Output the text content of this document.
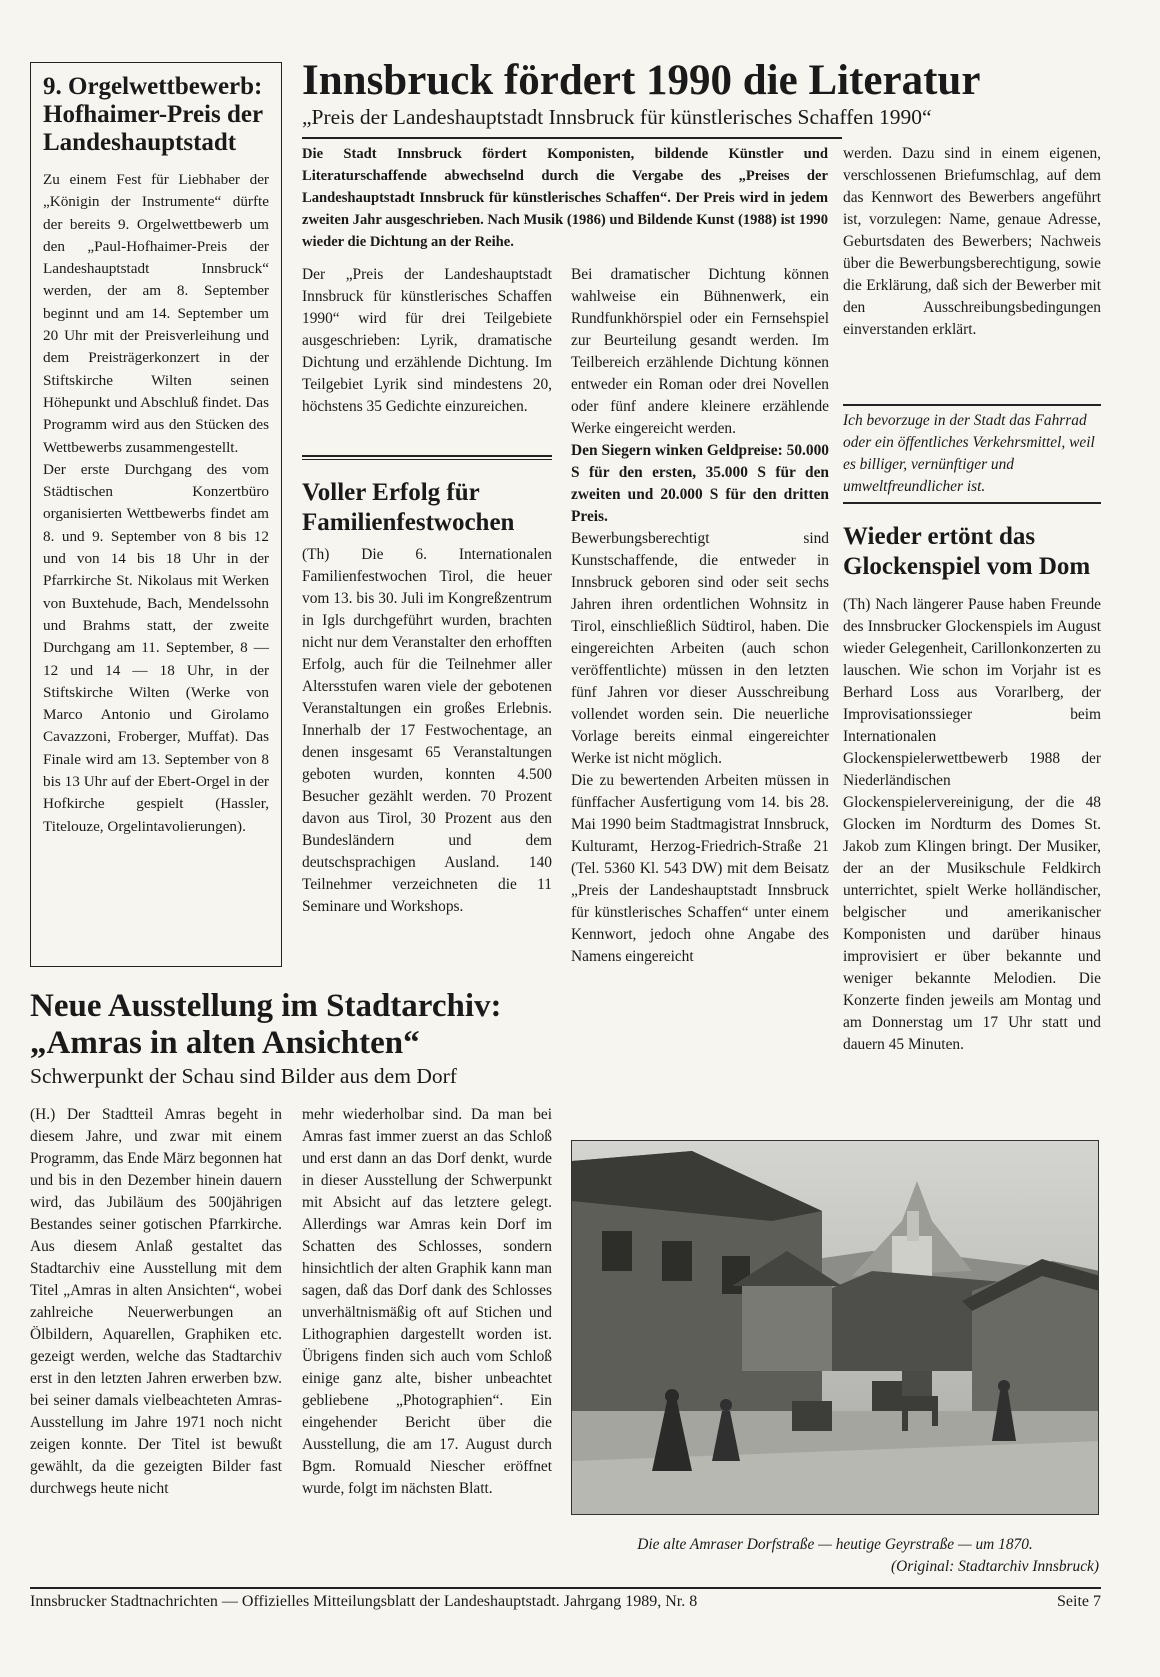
9. Orgelwettbewerb: Hofhaimer-Preis der Landeshauptstadt

Zu einem Fest für Liebhaber der „Königin der Instrumente“ dürfte der bereits 9. Orgelwettbewerb um den „Paul-Hofhaimer-Preis der Landeshauptstadt Innsbruck“ werden, der am 8. September beginnt und am 14. September um 20 Uhr mit der Preisverleihung und dem Preisträgerkonzert in der Stiftskirche Wilten seinen Höhepunkt und Abschluß findet. Das Programm wird aus den Stücken des Wettbewerbs zusammengestellt.

Der erste Durchgang des vom Städtischen Konzertbüro organisierten Wettbewerbs findet am 8. und 9. September von 8 bis 12 und von 14 bis 18 Uhr in der Pfarrkirche St. Nikolaus mit Werken von Buxtehude, Bach, Mendelssohn und Brahms statt, der zweite Durchgang am 11. September, 8 — 12 und 14 — 18 Uhr, in der Stiftskirche Wilten (Werke von Marco Antonio und Girolamo Cavazzoni, Froberger, Muffat). Das Finale wird am 13. September von 8 bis 13 Uhr auf der Ebert-Orgel in der Hofkirche gespielt (Hassler, Titelouze, Orgelintavolierungen).

Innsbruck fördert 1990 die Literatur
„Preis der Landeshauptstadt Innsbruck für künstlerisches Schaffen 1990“

Die Stadt Innsbruck fördert Komponisten, bildende Künstler und Literaturschaffende abwechselnd durch die Vergabe des „Preises der Landeshauptstadt Innsbruck für künstlerisches Schaffen“. Der Preis wird in jedem zweiten Jahr ausgeschrieben. Nach Musik (1986) und Bildende Kunst (1988) ist 1990 wieder die Dichtung an der Reihe.

Der „Preis der Landeshauptstadt Innsbruck für künstlerisches Schaffen 1990“ wird für drei Teilgebiete ausgeschrieben: Lyrik, dramatische Dichtung und erzählende Dichtung. Im Teilgebiet Lyrik sind mindestens 20, höchstens 35 Gedichte einzureichen.

Bei dramatischer Dichtung können wahlweise ein Bühnenwerk, ein Rundfunkhörspiel oder ein Fernsehspiel zur Beurteilung gesandt werden. Im Teilbereich erzählende Dichtung können entweder ein Roman oder drei Novellen oder fünf andere kleinere erzählende Werke eingereicht werden.

Den Siegern winken Geldpreise: 50.000 S für den ersten, 35.000 S für den zweiten und 20.000 S für den dritten Preis.

Bewerbungsberechtigt sind Kunstschaffende, die entweder in Innsbruck geboren sind oder seit sechs Jahren ihren ordentlichen Wohnsitz in Tirol, einschließlich Südtirol, haben. Die eingereichten Arbeiten (auch schon veröffentlichte) müssen in den letzten fünf Jahren vor dieser Ausschreibung vollendet worden sein. Die neuerliche Vorlage bereits einmal eingereichter Werke ist nicht möglich.

Die zu bewertenden Arbeiten müssen in fünffacher Ausfertigung vom 14. bis 28. Mai 1990 beim Stadtmagistrat Innsbruck, Kulturamt, Herzog-Friedrich-Straße 21 (Tel. 5360 Kl. 543 DW) mit dem Beisatz „Preis der Landeshauptstadt Innsbruck für künstlerisches Schaffen“ unter einem Kennwort, jedoch ohne Angabe des Namens eingereicht

werden. Dazu sind in einem eigenen, verschlossenen Briefumschlag, auf dem das Kennwort des Bewerbers angeführt ist, vorzulegen: Name, genaue Adresse, Geburtsdaten des Bewerbers; Nachweis über die Bewerbungsberechtigung, sowie die Erklärung, daß sich der Bewerber mit den Ausschreibungsbedingungen einverstanden erklärt.

Ich bevorzuge in der Stadt das Fahrrad oder ein öffentliches Verkehrsmittel, weil es billiger, vernünftiger und umweltfreundlicher ist.

Voller Erfolg für Familienfestwochen

(Th) Die 6. Internationalen Familienfestwochen Tirol, die heuer vom 13. bis 30. Juli im Kongreßzentrum in Igls durchgeführt wurden, brachten nicht nur dem Veranstalter den erhofften Erfolg, auch für die Teilnehmer aller Altersstufen waren viele der gebotenen Veranstaltungen ein großes Erlebnis. Innerhalb der 17 Festwochentage, an denen insgesamt 65 Veranstaltungen geboten wurden, konnten 4.500 Besucher gezählt werden. 70 Prozent davon aus Tirol, 30 Prozent aus den Bundesländern und dem deutschsprachigen Ausland. 140 Teilnehmer verzeichneten die 11 Seminare und Workshops.

Wieder ertönt das Glockenspiel vom Dom

(Th) Nach längerer Pause haben Freunde des Innsbrucker Glockenspiels im August wieder Gelegenheit, Carillonkonzerten zu lauschen. Wie schon im Vorjahr ist es Berhard Loss aus Vorarlberg, der Improvisationssieger beim Internationalen Glockenspielerwettbewerb 1988 der Niederländischen Glockenspielervereinigung, der die 48 Glocken im Nordturm des Domes St. Jakob zum Klingen bringt. Der Musiker, der an der Musikschule Feldkirch unterrichtet, spielt Werke holländischer, belgischer und amerikanischer Komponisten und darüber hinaus improvisiert er über bekannte und weniger bekannte Melodien. Die Konzerte finden jeweils am Montag und am Donnerstag um 17 Uhr statt und dauern 45 Minuten.

Neue Ausstellung im Stadtarchiv:
„Amras in alten Ansichten“
Schwerpunkt der Schau sind Bilder aus dem Dorf

(H.) Der Stadtteil Amras begeht in diesem Jahre, und zwar mit einem Programm, das Ende März begonnen hat und bis in den Dezember hinein dauern wird, das Jubiläum des 500jährigen Bestandes seiner gotischen Pfarrkirche. Aus diesem Anlaß gestaltet das Stadtarchiv eine Ausstellung mit dem Titel „Amras in alten Ansichten“, wobei zahlreiche Neuerwerbungen an Ölbildern, Aquarellen, Graphiken etc. gezeigt werden, welche das Stadtarchiv erst in den letzten Jahren erwerben bzw. bei seiner damals vielbeachteten Amras-Ausstellung im Jahre 1971 noch nicht zeigen konnte. Der Titel ist bewußt gewählt, da die gezeigten Bilder fast durchwegs heute nicht

mehr wiederholbar sind. Da man bei Amras fast immer zuerst an das Schloß und erst dann an das Dorf denkt, wurde in dieser Ausstellung der Schwerpunkt mit Absicht auf das letztere gelegt. Allerdings war Amras kein Dorf im Schatten des Schlosses, sondern hinsichtlich der alten Graphik kann man sagen, daß das Dorf dank des Schlosses unverhältnismäßig oft auf Stichen und Lithographien dargestellt worden ist. Übrigens finden sich auch vom Schloß einige ganz alte, bisher unbeachtet gebliebene „Photographien“. Ein eingehender Bericht über die Ausstellung, die am 17. August durch Bgm. Romuald Niescher eröffnet wurde, folgt im nächsten Blatt.

Die alte Amraser Dorfstraße — heutige Geyrstraße — um 1870.
(Original: Stadtarchiv Innsbruck)
Innsbrucker Stadtnachrichten — Offizielles Mitteilungsblatt der Landeshauptstadt. Jahrgang 1989, Nr. 8	Seite 7
